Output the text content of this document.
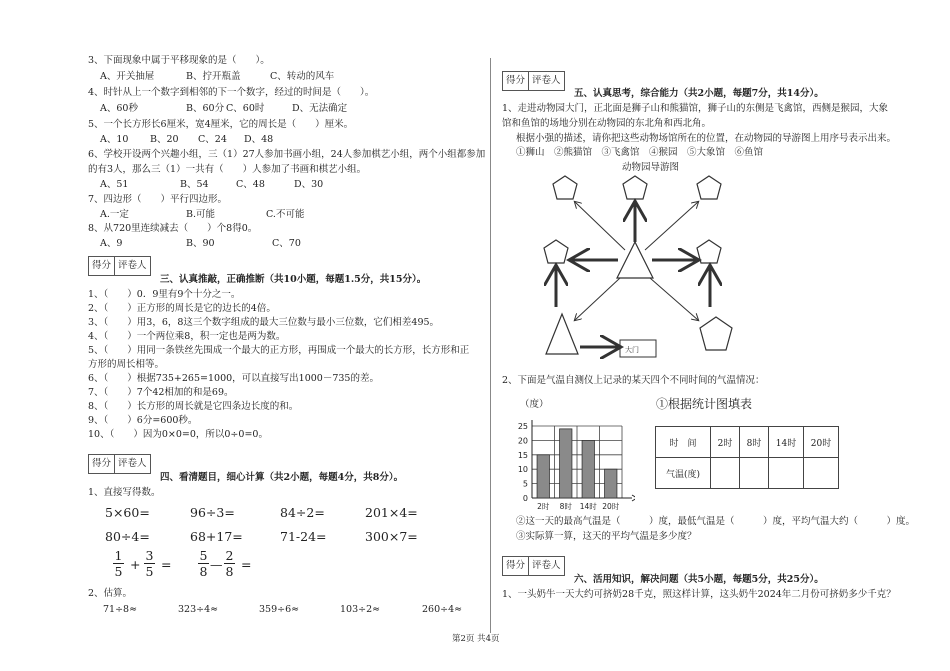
3、下面现象中属于平移现象的是（　　）。
A、开关抽屉	B、拧开瓶盖	C、转动的风车
4、时针从上一个数字到相邻的下一个数字，经过的时间是（　　）。
A、60秒	B、60分 C、60时	D、无法确定
5、一个长方形长6厘米，宽4厘米，它的周长是（　　）厘米。
A、10 B、20 C、24 D、48
6、学校开设两个兴趣小组，三（1）27人参加书画小组，24人参加棋艺小组，两个小组都参加
的有3人，那么三（1）一共有（　　）人参加了书画和棋艺小组。
A、51	B、54	C、48	D、30
7、四边形（　　）平行四边形。
A.一定	B.可能	C.不可能
8、从720里连续减去（　　）个8得0。
A、9	B、90	C、70
得分 评卷人
三、认真推敲，正确推断（共10小题，每题1.5分，共15分）。
1、（　　）0．9里有9个十分之一。
2、（　　）正方形的周长是它的边长的4倍。
3、（　　）用3，6，8这三个数字组成的最大三位数与最小三位数，它们相差495。
4、（　　）一个两位乘8，积一定也是两为数。
5、（　　）用同一条铁丝先围成一个最大的正方形，再围成一个最大的长方形，长方形和正
方形的周长相等。
6、（　　）根据735+265=1000，可以直接写出1000－735的差。
7、（　　）7个42相加的和是69。
8、（　　）长方形的周长就是它四条边长度的和。
9、（　　）6分=600秒。
10、（　　）因为0×0=0，所以0÷0=0。
得分 评卷人
四、看清题目，细心计算（共2小题，每题4分，共8分）。
1、直接写得数。
5×60=	96÷3=	84÷2=	201×4=
80÷4=	68+17=	71-24=	300×7=
1
5 +
3
5 =
5
8 —
2
8 =
2、估算。
71÷8≈	323÷4≈	359÷6≈	103÷2≈	260÷4≈
得分 评卷人
五、认真思考，综合能力（共2小题，每题7分，共14分）。
1、走进动物园大门，正北面是狮子山和熊猫馆，狮子山的东侧是飞禽馆，西侧是猴园，大象
馆和鱼馆的场地分别在动物园的东北角和西北角。
根据小强的描述，请你把这些动物场馆所在的位置，在动物园的导游图上用序号表示出来。
①狮山　②熊猫馆　③飞禽馆　④猴园　⑤大象馆　⑥鱼馆
动物园导游图
大门
2、下面是气温自测仪上记录的某天四个不同时间的气温情况：
（度）
0
5
10
15
20
25
2时 8时 14时 20时
①根据统计图填表
时　间	2时	8时	14时	20时
气温(度)				
②这一天的最高气温是（　　　）度，最低气温是（　　　）度，平均气温大约（　　　）度。
③实际算一算，这天的平均气温是多少度？
得分 评卷人
六、活用知识，解决问题（共5小题，每题5分，共25分）。
1、一头奶牛一天大约可挤奶28千克，照这样计算，这头奶牛2024年二月份可挤奶多少千克？
第2页 共4页
